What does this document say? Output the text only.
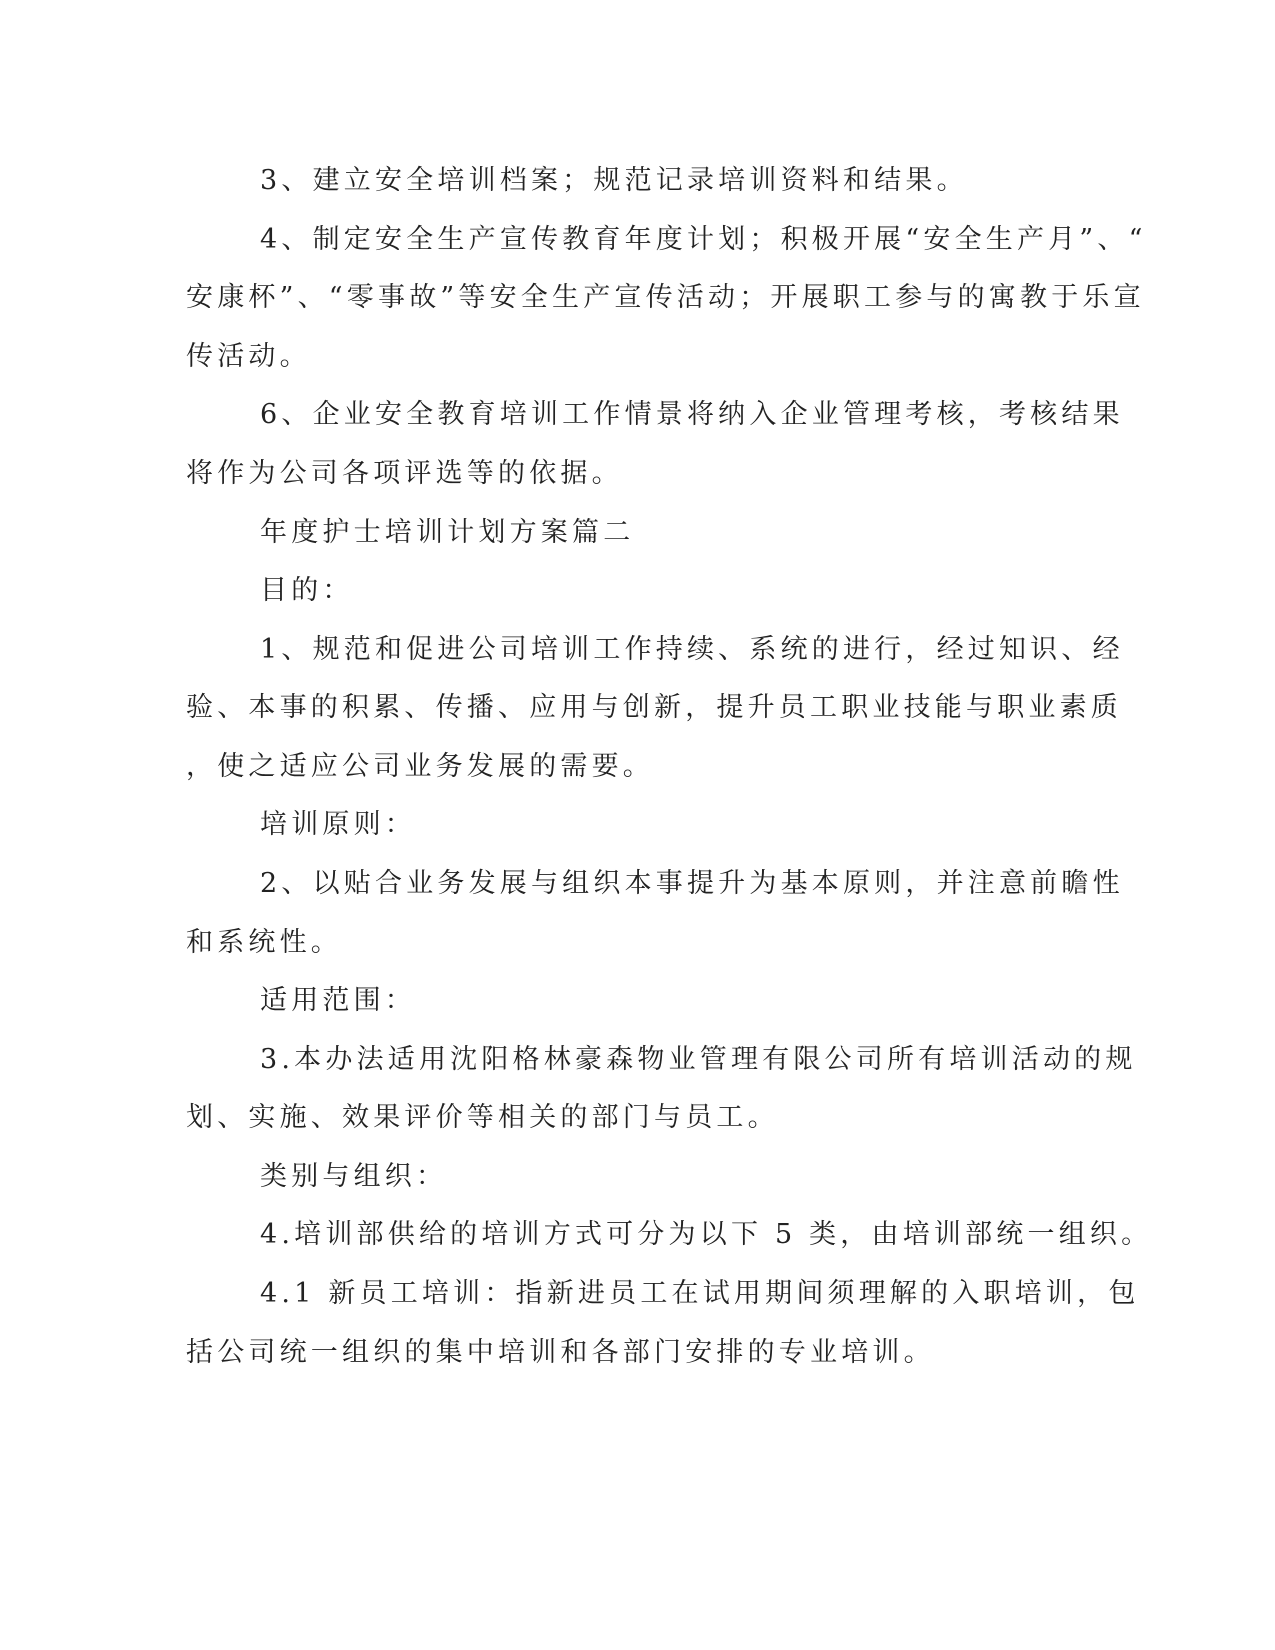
3、建立安全培训档案；规范记录培训资料和结果。
4、制定安全生产宣传教育年度计划；积极开展“安全生产月”、“
安康杯”、“零事故”等安全生产宣传活动；开展职工参与的寓教于乐宣
传活动。
6、企业安全教育培训工作情景将纳入企业管理考核，考核结果
将作为公司各项评选等的依据。
年度护士培训计划方案篇二
目的：
1、规范和促进公司培训工作持续、系统的进行，经过知识、经
验、本事的积累、传播、应用与创新，提升员工职业技能与职业素质
，使之适应公司业务发展的需要。
培训原则：
2、以贴合业务发展与组织本事提升为基本原则，并注意前瞻性
和系统性。
适用范围：
3.本办法适用沈阳格林豪森物业管理有限公司所有培训活动的规
划、实施、效果评价等相关的部门与员工。
类别与组织：
4.培训部供给的培训方式可分为以下 5 类，由培训部统一组织。
4.1 新员工培训：指新进员工在试用期间须理解的入职培训，包
括公司统一组织的集中培训和各部门安排的专业培训。
